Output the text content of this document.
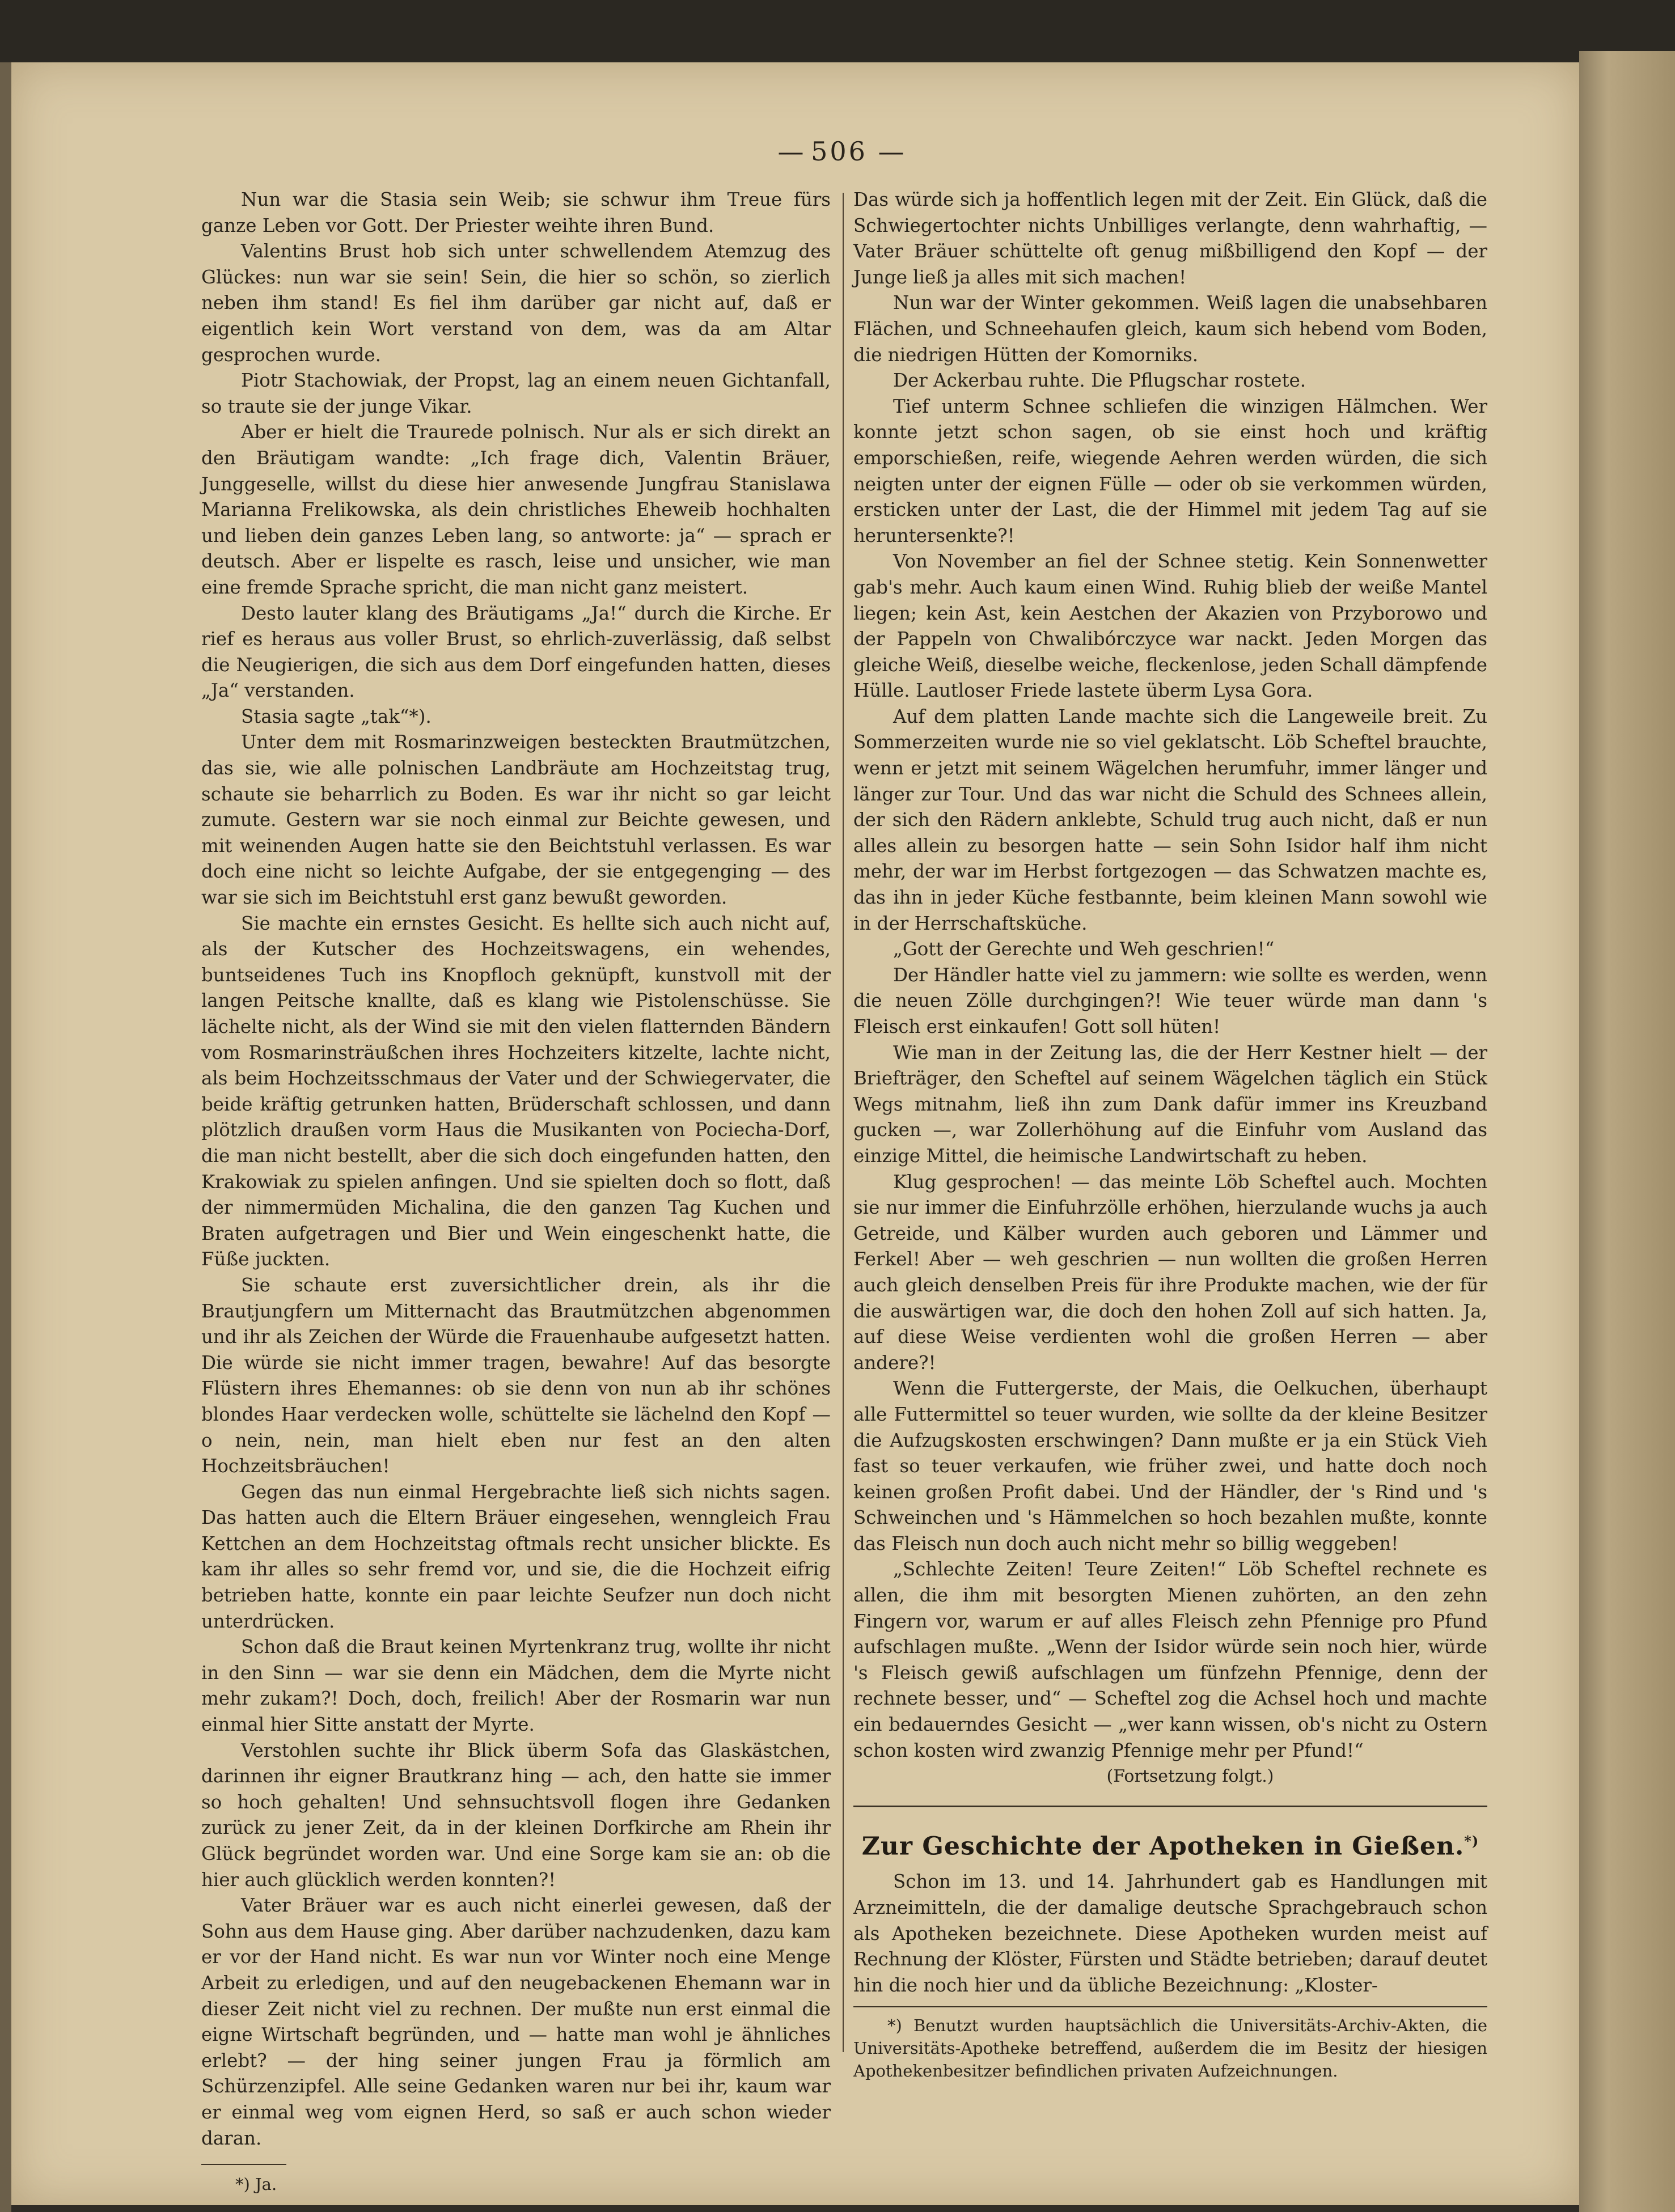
— 506 —

Nun war die Stasia sein Weib; sie schwur ihm Treue fürs ganze Leben vor Gott. Der Priester weihte ihren Bund.

Valentins Brust hob sich unter schwellendem Atemzug des Glückes: nun war sie sein! Sein, die hier so schön, so zierlich neben ihm stand! Es fiel ihm darüber gar nicht auf, daß er eigentlich kein Wort verstand von dem, was da am Altar gesprochen wurde.

Piotr Stachowiak, der Propst, lag an einem neuen Gichtanfall, so traute sie der junge Vikar.

Aber er hielt die Traurede polnisch. Nur als er sich direkt an den Bräutigam wandte: „Ich frage dich, Valentin Bräuer, Junggeselle, willst du diese hier anwesende Jungfrau Stanislawa Marianna Frelikowska, als dein christliches Eheweib hochhalten und lieben dein ganzes Leben lang, so antworte: ja“ — sprach er deutsch. Aber er lispelte es rasch, leise und unsicher, wie man eine fremde Sprache spricht, die man nicht ganz meistert.

Desto lauter klang des Bräutigams „Ja!“ durch die Kirche. Er rief es heraus aus voller Brust, so ehrlich-zuverlässig, daß selbst die Neugierigen, die sich aus dem Dorf eingefunden hatten, dieses „Ja“ verstanden.

Stasia sagte „tak“*).

Unter dem mit Rosmarinzweigen besteckten Brautmützchen, das sie, wie alle polnischen Landbräute am Hochzeitstag trug, schaute sie beharrlich zu Boden. Es war ihr nicht so gar leicht zumute. Gestern war sie noch einmal zur Beichte gewesen, und mit weinenden Augen hatte sie den Beichtstuhl verlassen. Es war doch eine nicht so leichte Aufgabe, der sie entgegenging — des war sie sich im Beichtstuhl erst ganz bewußt geworden.

Sie machte ein ernstes Gesicht. Es hellte sich auch nicht auf, als der Kutscher des Hochzeitswagens, ein wehendes, buntseidenes Tuch ins Knopfloch geknüpft, kunstvoll mit der langen Peitsche knallte, daß es klang wie Pistolenschüsse. Sie lächelte nicht, als der Wind sie mit den vielen flatternden Bändern vom Rosmarinsträußchen ihres Hochzeiters kitzelte, lachte nicht, als beim Hochzeitsschmaus der Vater und der Schwiegervater, die beide kräftig getrunken hatten, Brüderschaft schlossen, und dann plötzlich draußen vorm Haus die Musikanten von Pociecha-Dorf, die man nicht bestellt, aber die sich doch eingefunden hatten, den Krakowiak zu spielen anfingen. Und sie spielten doch so flott, daß der nimmermüden Michalina, die den ganzen Tag Kuchen und Braten aufgetragen und Bier und Wein eingeschenkt hatte, die Füße juckten.

Sie schaute erst zuversichtlicher drein, als ihr die Brautjungfern um Mitternacht das Brautmützchen abgenommen und ihr als Zeichen der Würde die Frauenhaube aufgesetzt hatten. Die würde sie nicht immer tragen, bewahre! Auf das besorgte Flüstern ihres Ehemannes: ob sie denn von nun ab ihr schönes blondes Haar verdecken wolle, schüttelte sie lächelnd den Kopf — o nein, nein, man hielt eben nur fest an den alten Hochzeitsbräuchen!

Gegen das nun einmal Hergebrachte ließ sich nichts sagen. Das hatten auch die Eltern Bräuer eingesehen, wenngleich Frau Kettchen an dem Hochzeitstag oftmals recht unsicher blickte. Es kam ihr alles so sehr fremd vor, und sie, die die Hochzeit eifrig betrieben hatte, konnte ein paar leichte Seufzer nun doch nicht unterdrücken.

Schon daß die Braut keinen Myrtenkranz trug, wollte ihr nicht in den Sinn — war sie denn ein Mädchen, dem die Myrte nicht mehr zukam?! Doch, doch, freilich! Aber der Rosmarin war nun einmal hier Sitte anstatt der Myrte.

Verstohlen suchte ihr Blick überm Sofa das Glaskästchen, darinnen ihr eigner Brautkranz hing — ach, den hatte sie immer so hoch gehalten! Und sehnsuchtsvoll flogen ihre Gedanken zurück zu jener Zeit, da in der kleinen Dorfkirche am Rhein ihr Glück begründet worden war. Und eine Sorge kam sie an: ob die hier auch glücklich werden konnten?!

Vater Bräuer war es auch nicht einerlei gewesen, daß der Sohn aus dem Hause ging. Aber darüber nachzudenken, dazu kam er vor der Hand nicht. Es war nun vor Winter noch eine Menge Arbeit zu erledigen, und auf den neugebackenen Ehemann war in dieser Zeit nicht viel zu rechnen. Der mußte nun erst einmal die eigne Wirtschaft begründen, und — hatte man wohl je ähnliches erlebt? — der hing seiner jungen Frau ja förmlich am Schürzenzipfel. Alle seine Gedanken waren nur bei ihr, kaum war er einmal weg vom eignen Herd, so saß er auch schon wieder daran.

*) Ja.

Das würde sich ja hoffentlich legen mit der Zeit. Ein Glück, daß die Schwiegertochter nichts Unbilliges verlangte, denn wahrhaftig, — Vater Bräuer schüttelte oft genug mißbilligend den Kopf — der Junge ließ ja alles mit sich machen!

Nun war der Winter gekommen. Weiß lagen die unabsehbaren Flächen, und Schneehaufen gleich, kaum sich hebend vom Boden, die niedrigen Hütten der Komorniks.

Der Ackerbau ruhte. Die Pflugschar rostete.

Tief unterm Schnee schliefen die winzigen Hälmchen. Wer konnte jetzt schon sagen, ob sie einst hoch und kräftig emporschießen, reife, wiegende Aehren werden würden, die sich neigten unter der eignen Fülle — oder ob sie verkommen würden, ersticken unter der Last, die der Himmel mit jedem Tag auf sie heruntersenkte?!

Von November an fiel der Schnee stetig. Kein Sonnenwetter gab's mehr. Auch kaum einen Wind. Ruhig blieb der weiße Mantel liegen; kein Ast, kein Aestchen der Akazien von Przyborowo und der Pappeln von Chwalibórczyce war nackt. Jeden Morgen das gleiche Weiß, dieselbe weiche, fleckenlose, jeden Schall dämpfende Hülle. Lautloser Friede lastete überm Lysa Gora.

Auf dem platten Lande machte sich die Langeweile breit. Zu Sommerzeiten wurde nie so viel geklatscht. Löb Scheftel brauchte, wenn er jetzt mit seinem Wägelchen herumfuhr, immer länger und länger zur Tour. Und das war nicht die Schuld des Schnees allein, der sich den Rädern anklebte, Schuld trug auch nicht, daß er nun alles allein zu besorgen hatte — sein Sohn Isidor half ihm nicht mehr, der war im Herbst fortgezogen — das Schwatzen machte es, das ihn in jeder Küche festbannte, beim kleinen Mann sowohl wie in der Herrschaftsküche.

„Gott der Gerechte und Weh geschrien!“

Der Händler hatte viel zu jammern: wie sollte es werden, wenn die neuen Zölle durchgingen?! Wie teuer würde man dann 's Fleisch erst einkaufen! Gott soll hüten!

Wie man in der Zeitung las, die der Herr Kestner hielt — der Briefträger, den Scheftel auf seinem Wägelchen täglich ein Stück Wegs mitnahm, ließ ihn zum Dank dafür immer ins Kreuzband gucken —, war Zollerhöhung auf die Einfuhr vom Ausland das einzige Mittel, die heimische Landwirtschaft zu heben.

Klug gesprochen! — das meinte Löb Scheftel auch. Mochten sie nur immer die Einfuhrzölle erhöhen, hierzulande wuchs ja auch Getreide, und Kälber wurden auch geboren und Lämmer und Ferkel! Aber — weh geschrien — nun wollten die großen Herren auch gleich denselben Preis für ihre Produkte machen, wie der für die auswärtigen war, die doch den hohen Zoll auf sich hatten. Ja, auf diese Weise verdienten wohl die großen Herren — aber andere?!

Wenn die Futtergerste, der Mais, die Oelkuchen, überhaupt alle Futtermittel so teuer wurden, wie sollte da der kleine Besitzer die Aufzugskosten erschwingen? Dann mußte er ja ein Stück Vieh fast so teuer verkaufen, wie früher zwei, und hatte doch noch keinen großen Profit dabei. Und der Händler, der 's Rind und 's Schweinchen und 's Hämmelchen so hoch bezahlen mußte, konnte das Fleisch nun doch auch nicht mehr so billig weggeben!

„Schlechte Zeiten! Teure Zeiten!“ Löb Scheftel rechnete es allen, die ihm mit besorgten Mienen zuhörten, an den zehn Fingern vor, warum er auf alles Fleisch zehn Pfennige pro Pfund aufschlagen mußte. „Wenn der Isidor würde sein noch hier, würde 's Fleisch gewiß aufschlagen um fünfzehn Pfennige, denn der rechnete besser, und“ — Scheftel zog die Achsel hoch und machte ein bedauerndes Gesicht — „wer kann wissen, ob's nicht zu Ostern schon kosten wird zwanzig Pfennige mehr per Pfund!“

(Fortsetzung folgt.)

Zur Geschichte der Apotheken in Gießen.*)

Schon im 13. und 14. Jahrhundert gab es Handlungen mit Arzneimitteln, die der damalige deutsche Sprachgebrauch schon als Apotheken bezeichnete. Diese Apotheken wurden meist auf Rechnung der Klöster, Fürsten und Städte betrieben; darauf deutet hin die noch hier und da übliche Bezeichnung: „Kloster-

*) Benutzt wurden hauptsächlich die Universitäts-Archiv-Akten, die Universitäts-Apotheke betreffend, außerdem die im Besitz der hiesigen Apothekenbesitzer befindlichen privaten Aufzeichnungen.
